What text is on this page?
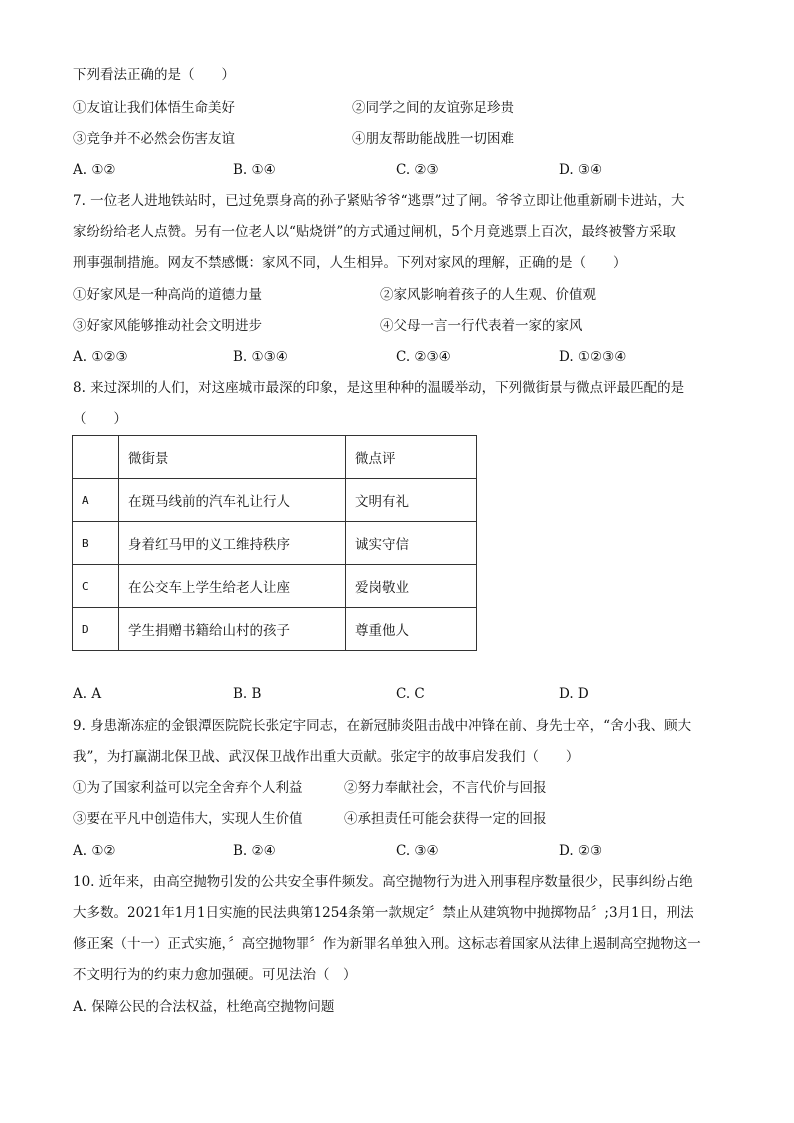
下列看法正确的是（　　）
①友谊让我们体悟生命美好	②同学之间的友谊弥足珍贵
③竞争并不必然会伤害友谊	④朋友帮助能战胜一切困难
A. ①②	B. ①④	C. ②③	D. ③④
7. 一位老人进地铁站时，已过免票身高的孙子紧贴爷爷“逃票”过了闸。爷爷立即让他重新刷卡进站，大
家纷纷给老人点赞。另有一位老人以“贴烧饼”的方式通过闸机，5个月竟逃票上百次，最终被警方采取
刑事强制措施。网友不禁感慨：家风不同，人生相异。下列对家风的理解，正确的是（　　）
①好家风是一种高尚的道德力量	②家风影响着孩子的人生观、价值观
③好家风能够推动社会文明进步	④父母一言一行代表着一家的家风
A. ①②③	B. ①③④	C. ②③④	D. ①②③④
8. 来过深圳的人们，对这座城市最深的印象，是这里种种的温暖举动，下列微街景与微点评最匹配的是
（　　）
	微街景	微点评
A	在斑马线前的汽车礼让行人	文明有礼
B	身着红马甲的义工维持秩序	诚实守信
C	在公交车上学生给老人让座	爱岗敬业
D	学生捐赠书籍给山村的孩子	尊重他人
A. A	B. B	C. C	D. D
9. 身患渐冻症的金银潭医院院长张定宇同志，在新冠肺炎阻击战中冲锋在前、身先士卒，“舍小我、顾大
我”，为打赢湖北保卫战、武汉保卫战作出重大贡献。张定宇的故事启发我们（　　）
①为了国家利益可以完全舍弃个人利益	②努力奉献社会，不言代价与回报
③要在平凡中创造伟大，实现人生价值	④承担责任可能会获得一定的回报
A. ①②	B. ②④	C. ③④	D. ②③
10. 近年来，由高空抛物引发的公共安全事件频发。高空抛物行为进入刑事程序数量很少，民事纠纷占绝
大多数。2021年1月1日实施的民法典第1254条第一款规定〞禁止从建筑物中抛掷物品〞;3月1日，刑法
修正案（十一）正式实施，〞高空抛物罪〞作为新罪名单独入刑。这标志着国家从法律上遏制高空抛物这一
不文明行为的约束力愈加强硬。可见法治（　）
A. 保障公民的合法权益，杜绝高空抛物问题
